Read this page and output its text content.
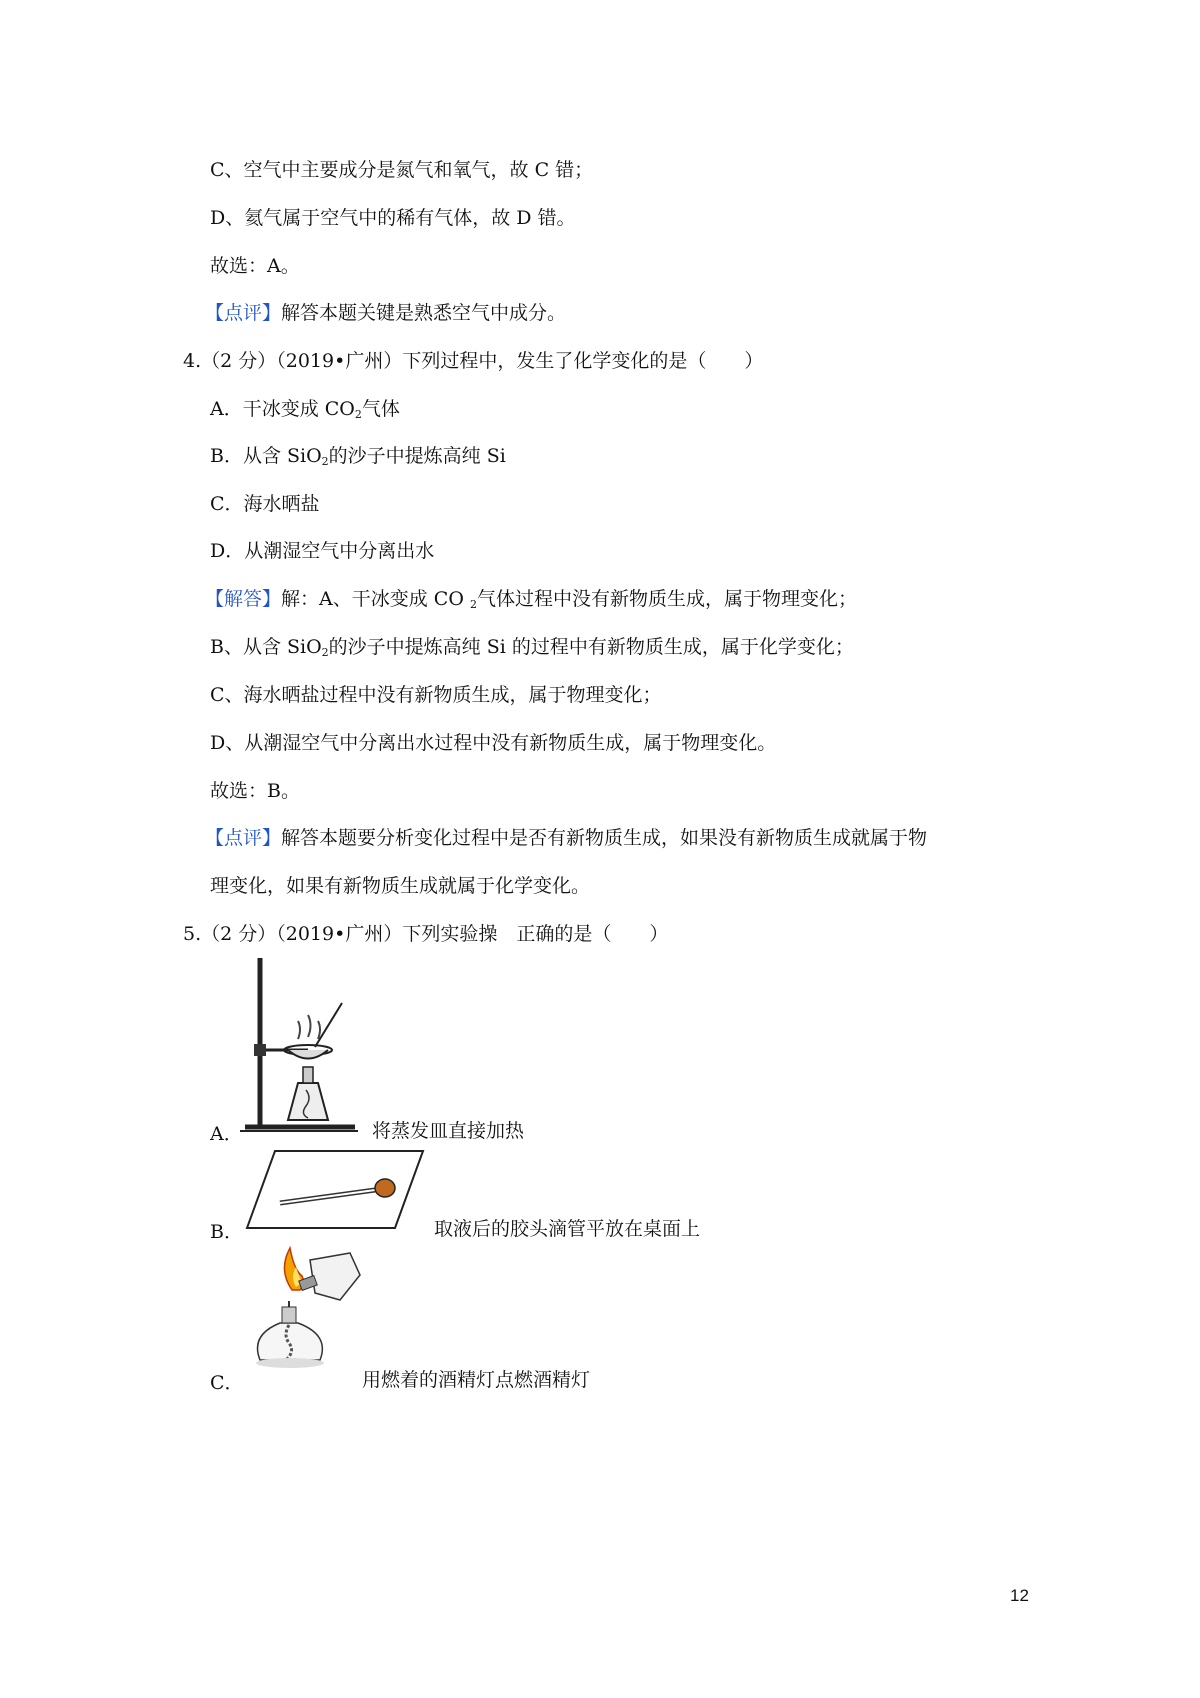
C、空气中主要成分是氮气和氧气，故 C 错；
D、氦气属于空气中的稀有气体，故 D 错。
故选：A。
【点评】解答本题关键是熟悉空气中成分。
4.（2 分）（2019•广州）下列过程中，发生了化学变化的是（　　）
A．干冰变成 $CO_2$气体
B．从含 SiO$_2$的沙子中提炼高纯 Si
C．海水晒盐
D．从潮湿空气中分离出水
【解答】解：A、干冰变成 CO $_2$气体过程中没有新物质生成，属于物理变化；
B、从含 SiO$_2$的沙子中提炼高纯 Si 的过程中有新物质生成，属于化学变化；
C、海水晒盐过程中没有新物质生成，属于物理变化；
D、从潮湿空气中分离出水过程中没有新物质生成，属于物理变化。
故选：B。
【点评】解答本题要分析变化过程中是否有新物质生成，如果没有新物质生成就属于物
理变化，如果有新物质生成就属于化学变化。
5.（2 分）（2019•广州）下列实验操　正确的是（　　）
A．	将蒸发皿直接加热
B．	取液后的胶头滴管平放在桌面上
C．	用燃着的酒精灯点燃酒精灯
12
